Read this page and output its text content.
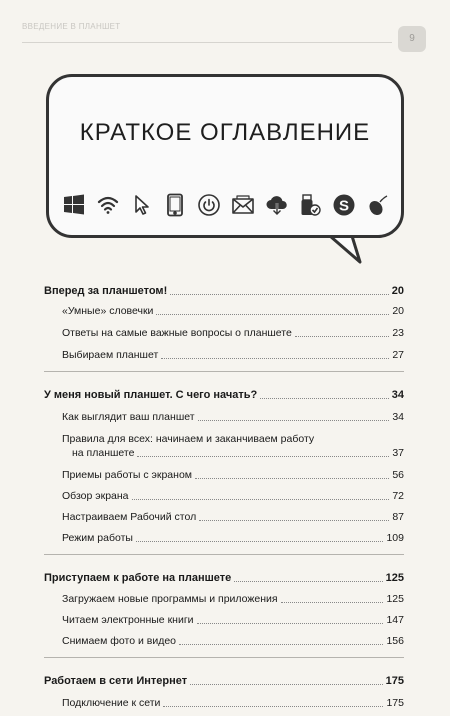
ВВЕДЕНИЕ В ПЛАНШЕТ
9
КРАТКОЕ ОГЛАВЛЕНИЕ
S
Вперед за планшетом!	20
«Умные» словечки	20
Ответы на самые важные вопросы о планшете	23
Выбираем планшет	27
У меня новый планшет. С чего начать?	34
Как выглядит ваш планшет	34
Правила для всех: начинаем и заканчиваем работу
на планшете	37
Приемы работы с экраном	56
Обзор экрана	72
Настраиваем Рабочий стол	87
Режим работы	109
Приступаем к работе на планшете	125
Загружаем новые программы и приложения	125
Читаем электронные книги	147
Снимаем фото и видео	156
Работаем в сети Интернет	175
Подключение к сети	175
